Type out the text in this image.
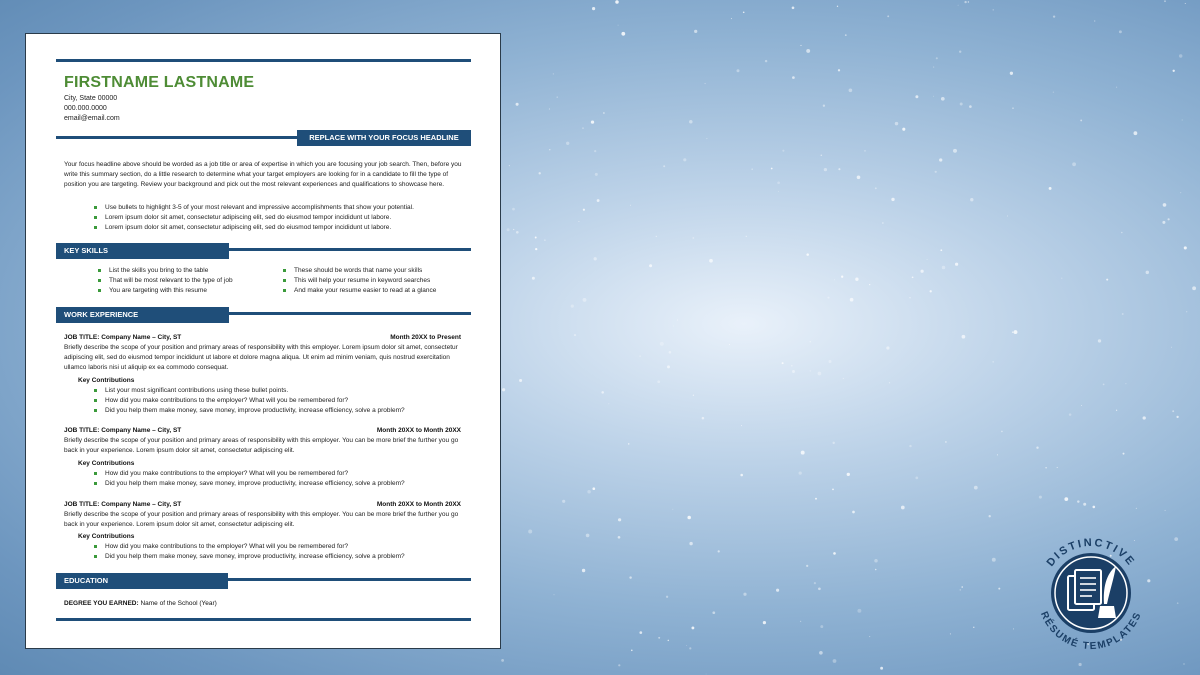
FIRSTNAME LASTNAME
City, State 00000
000.000.0000
email@email.com
REPLACE WITH YOUR FOCUS HEADLINE
Your focus headline above should be worded as a job title or area of expertise in which you are focusing your job search. Then, before you write this summary section, do a little research to determine what your target employers are looking for in a candidate to fill the type of position you are targeting. Review your background and pick out the most relevant experiences and qualifications to showcase here.
Use bullets to highlight 3-5 of your most relevant and impressive accomplishments that show your potential.
Lorem ipsum dolor sit amet, consectetur adipiscing elit, sed do eiusmod tempor incididunt ut labore.
Lorem ipsum dolor sit amet, consectetur adipiscing elit, sed do eiusmod tempor incididunt ut labore.
KEY SKILLS
List the skills you bring to the table
That will be most relevant to the type of job
You are targeting with this resume
These should be words that name your skills
This will help your resume in keyword searches
And make your resume easier to read at a glance
WORK EXPERIENCE
JOB TITLE: Company Name – City, ST	Month 20XX to Present
Briefly describe the scope of your position and primary areas of responsibility with this employer. Lorem ipsum dolor sit amet, consectetur adipiscing elit, sed do eiusmod tempor incididunt ut labore et dolore magna aliqua. Ut enim ad minim veniam, quis nostrud exercitation ullamco laboris nisi ut aliquip ex ea commodo consequat.
Key Contributions
List your most significant contributions using these bullet points.
How did you make contributions to the employer? What will you be remembered for?
Did you help them make money, save money, improve productivity, increase efficiency, solve a problem?
JOB TITLE: Company Name – City, ST	Month 20XX to Month 20XX
Briefly describe the scope of your position and primary areas of responsibility with this employer. You can be more brief the further you go back in your experience. Lorem ipsum dolor sit amet, consectetur adipiscing elit.
Key Contributions
How did you make contributions to the employer? What will you be remembered for?
Did you help them make money, save money, improve productivity, increase efficiency, solve a problem?
JOB TITLE: Company Name – City, ST	Month 20XX to Month 20XX
Briefly describe the scope of your position and primary areas of responsibility with this employer. You can be more brief the further you go back in your experience. Lorem ipsum dolor sit amet, consectetur adipiscing elit.
Key Contributions
How did you make contributions to the employer? What will you be remembered for?
Did you help them make money, save money, improve productivity, increase efficiency, solve a problem?
EDUCATION
DEGREE YOU EARNED: Name of the School (Year)
DISTINCTIVE
RÉSUMÉ TEMPLATES
